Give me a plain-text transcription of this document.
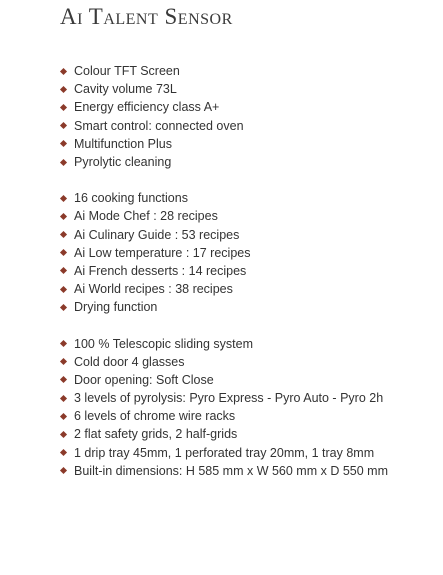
Ai Talent Sensor
Colour TFT Screen
Cavity volume 73L
Energy efficiency class A+
Smart control: connected oven
Multifunction Plus
Pyrolytic cleaning
16 cooking functions
Ai Mode Chef : 28 recipes
Ai Culinary Guide : 53 recipes
Ai Low temperature : 17 recipes
Ai French desserts : 14 recipes
Ai World recipes : 38 recipes
Drying function
100 % Telescopic sliding system
Cold door 4 glasses
Door opening: Soft Close
3 levels of pyrolysis: Pyro Express - Pyro Auto - Pyro 2h
6 levels of chrome wire racks
2 flat safety grids, 2 half-grids
1 drip tray 45mm, 1 perforated tray 20mm, 1 tray 8mm
Built-in dimensions: H 585 mm x W 560 mm x D 550 mm
